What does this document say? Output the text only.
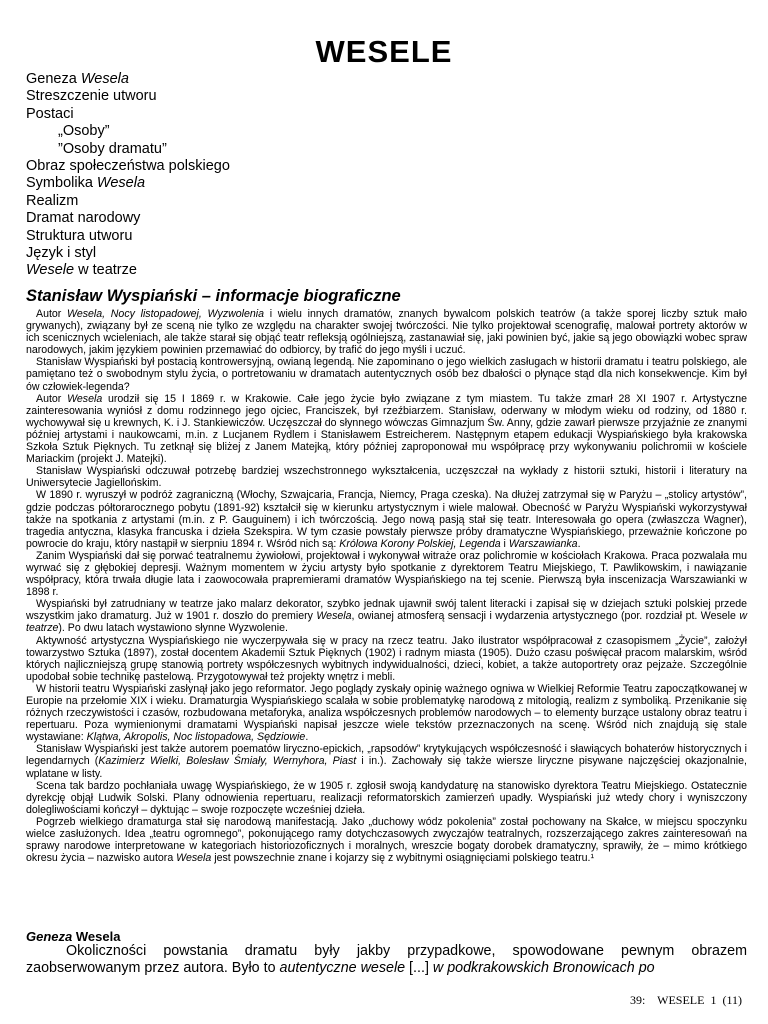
WESELE
Geneza Wesela
Streszczenie utworu
Postaci
„Osoby”
”Osoby dramatu”
Obraz społeczeństwa polskiego
Symbolika Wesela
Realizm
Dramat narodowy
Struktura utworu
Język i styl
Wesele w teatrze
Stanisław Wyspiański – informacje biograficzne

Autor Wesela, Nocy listopadowej, Wyzwolenia i wielu innych dramatów, znanych bywalcom polskich teatrów (a także sporej liczby sztuk mało grywanych), związany był ze sceną nie tylko ze względu na charakter swojej twórczości. Nie tylko projektował scenografię, malował portrety aktorów w ich scenicznych wcieleniach, ale także starał się objąć teatr refleksją ogólniejszą, zastanawiał się, jaki powinien być, jakie są jego obowiązki wobec spraw narodowych, jakim językiem powinien przemawiać do odbiorcy, by trafić do jego myśli i uczuć.

Stanisław Wyspiański był postacią kontrowersyjną, owianą legendą. Nie zapominano o jego wielkich zasługach w historii dramatu i teatru polskiego, ale pamiętano też o swobodnym stylu życia, o portretowaniu w dramatach autentycznych osób bez dbałości o płynące stąd dla nich konsekwencje. Kim był ów człowiek-legenda?

Autor Wesela urodził się 15 I 1869 r. w Krakowie. Całe jego życie było związane z tym miastem. Tu także zmarł 28 XI 1907 r. Artystyczne zainteresowania wyniósł z domu rodzinnego jego ojciec, Franciszek, był rzeźbiarzem. Stanisław, oderwany w młodym wieku od rodziny, od 1880 r. wychowywał się u krewnych, K. i J. Stankiewiczów. Uczęszczał do słynnego wówczas Gimnazjum Św. Anny, gdzie zawarł pierwsze przyjaźnie ze znanymi później artystami i naukowcami, m.in. z Lucjanem Rydlem i Stanisławem Estreicherem. Następnym etapem edukacji Wyspiańskiego była krakowska Szkoła Sztuk Pięknych. Tu zetknął się bliżej z Janem Matejką, który później zaproponował mu współpracę przy wykonywaniu polichromii w kościele Mariackim (projekt J. Matejki).

Stanisław Wyspiański odczuwał potrzebę bardziej wszechstronnego wykształcenia, uczęszczał na wykłady z historii sztuki, historii i literatury na Uniwersytecie Jagiellońskim.

W 1890 r. wyruszył w podróż zagraniczną (Włochy, Szwajcaria, Francja, Niemcy, Praga czeska). Na dłużej zatrzymał się w Paryżu – „stolicy artystów”, gdzie podczas półtorarocznego pobytu (1891-92) kształcił się w kierunku artystycznym i wiele malował. Obecność w Paryżu Wyspiański wykorzystywał także na spotkania z artystami (m.in. z P. Gauguinem) i ich twórczością. Jego nową pasją stał się teatr. Interesowała go opera (zwłaszcza Wagner), tragedia antyczna, klasyka francuska i dzieła Szekspira. W tym czasie powstały pierwsze próby dramatyczne Wyspiańskiego, przeważnie kończone po powrocie do kraju, który nastąpił w sierpniu 1894 r. Wśród nich są: Królowa Korony Polskiej, Legenda i Warszawianka.

Zanim Wyspiański dał się porwać teatralnemu żywiołowi, projektował i wykonywał witraże oraz polichromie w kościołach Krakowa. Praca pozwalała mu wyrwać się z głębokiej depresji. Ważnym momentem w życiu artysty było spotkanie z dyrektorem Teatru Miejskiego, T. Pawlikowskim, i nawiązanie współpracy, która trwała długie lata i zaowocowała prapremierami dramatów Wyspiańskiego na tej scenie. Pierwszą była inscenizacja Warszawianki w 1898 r.

Wyspiański był zatrudniany w teatrze jako malarz dekorator, szybko jednak ujawnił swój talent literacki i zapisał się w dziejach sztuki polskiej przede wszystkim jako dramaturg. Już w 1901 r. doszło do premiery Wesela, owianej atmosferą sensacji i wydarzenia artystycznego (por. rozdział pt. Wesele w teatrze). Po dwu latach wystawiono słynne Wyzwolenie.

Aktywność artystyczna Wyspiańskiego nie wyczerpywała się w pracy na rzecz teatru. Jako ilustrator współpracował z czasopismem „Życie”, założył towarzystwo Sztuka (1897), został docentem Akademii Sztuk Pięknych (1902) i radnym miasta (1905). Dużo czasu poświęcał pracom malarskim, wśród których najliczniejszą grupę stanowią portrety współczesnych wybitnych indywidualności, dzieci, kobiet, a także autoportrety oraz pejzaże. Szczególnie upodobał sobie technikę pastelową. Przygotowywał też projekty wnętrz i mebli.

W historii teatru Wyspiański zasłynął jako jego reformator. Jego poglądy zyskały opinię ważnego ogniwa w Wielkiej Reformie Teatru zapoczątkowanej w Europie na przełomie XIX i wieku. Dramaturgia Wyspiańskiego scalała w sobie problematykę narodową z mitologią, realizm z symboliką. Przenikanie się różnych rzeczywistości i czasów, rozbudowana metaforyka, analiza współczesnych problemów narodowych – to elementy burzące ustalony obraz teatru i repertuaru. Poza wymienionymi dramatami Wyspiański napisał jeszcze wiele tekstów przeznaczonych na scenę. Wśród nich znajdują się stale wystawiane: Klątwa, Akropolis, Noc listopadowa, Sędziowie.

Stanisław Wyspiański jest także autorem poematów liryczno-epickich, „rapsodów” krytykujących współczesność i sławiących bohaterów historycznych i legendarnych (Kazimierz Wielki, Bolesław Śmiały, Wernyhora, Piast i in.). Zachowały się także wiersze liryczne pisywane najczęściej okazjonalnie, wplatane w listy.

Scena tak bardzo pochłaniała uwagę Wyspiańskiego, że w 1905 r. zgłosił swoją kandydaturę na stanowisko dyrektora Teatru Miejskiego. Ostatecznie dyrekcję objął Ludwik Solski. Plany odnowienia repertuaru, realizacji reformatorskich zamierzeń upadły. Wyspiański już wtedy chory i wyniszczony dolegliwościami kończył – dyktując – swoje rozpoczęte wcześniej dzieła.

Pogrzeb wielkiego dramaturga stał się narodową manifestacją. Jako „duchowy wódz pokolenia” został pochowany na Skałce, w miejscu spoczynku wielce zasłużonych. Idea „teatru ogromnego”, pokonującego ramy dotychczasowych zwyczajów teatralnych, rozszerzającego zakres zainteresowań na sprawy narodowe interpretowane w kategoriach historiozoficznych i moralnych, wreszcie bogaty dorobek dramatyczny, sprawiły, że – mimo krótkiego okresu życia – nazwisko autora Wesela jest powszechnie znane i kojarzy się z wybitnymi osiągnięciami polskiego teatru.¹

Geneza Wesela

Okoliczności powstania dramatu były jakby przypadkowe, spowodowane pewnym obrazem zaobserwowanym przez autora. Było to autentyczne wesele [...] w podkrakowskich Bronowicach po

39:    WESELE  1  (11)
